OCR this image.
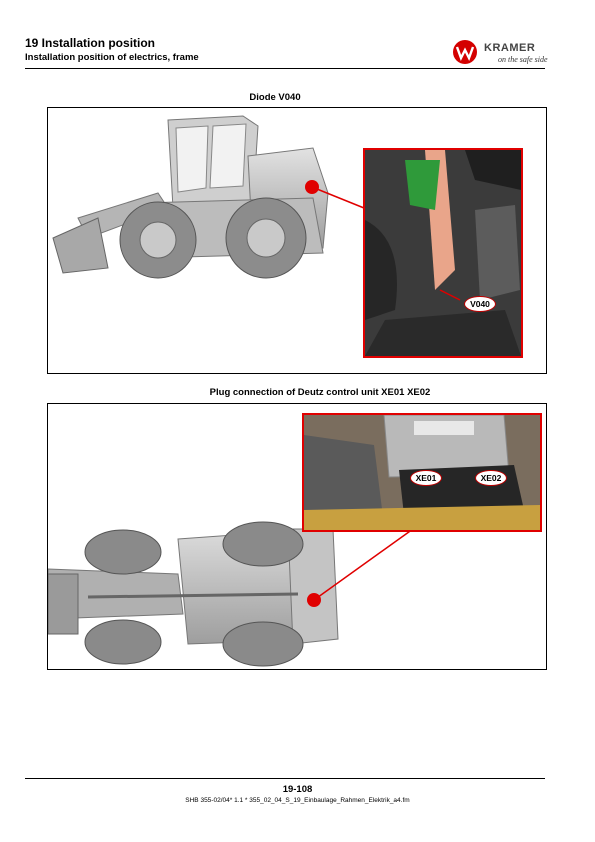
19 Installation position
Installation position of electrics, frame
KRAMER
on the safe side
Diode V040
V040
Plug connection of Deutz control unit XE01 XE02
XE01	XE02
19-108
SHB 355-02/04* 1.1 * 355_02_04_S_19_Einbaulage_Rahmen_Elektrik_a4.fm
